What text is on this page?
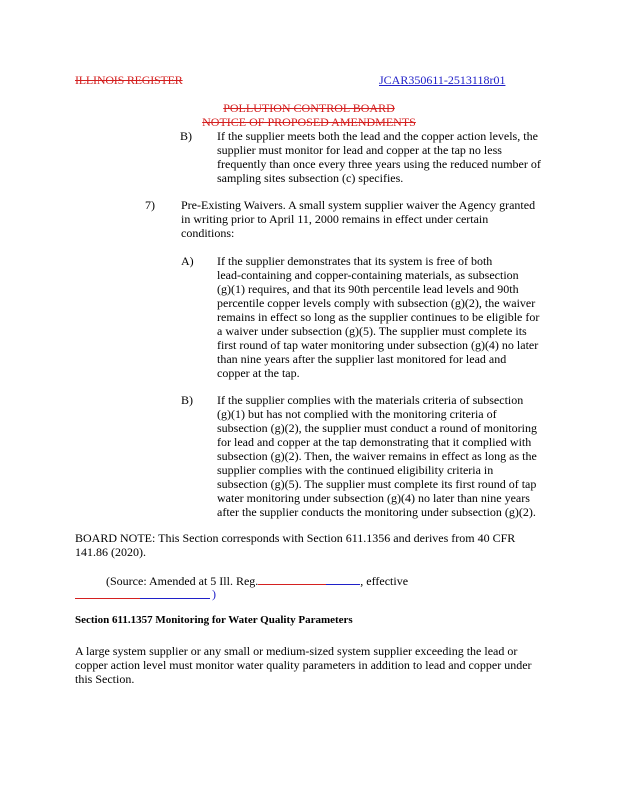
ILLINOIS REGISTER	JCAR350611-2513118r01
POLLUTION CONTROL BOARD
NOTICE OF PROPOSED AMENDMENTS
B) If the supplier meets both the lead and the copper action levels, the
supplier must monitor for lead and copper at the tap no less
frequently than once every three years using the reduced number of
sampling sites subsection (c) specifies.
7) Pre-Existing Waivers. A small system supplier waiver the Agency granted
in writing prior to April 11, 2000 remains in effect under certain
conditions:
A) If the supplier demonstrates that its system is free of both
lead-containing and copper-containing materials, as subsection
(g)(1) requires, and that its 90th percentile lead levels and 90th
percentile copper levels comply with subsection (g)(2), the waiver
remains in effect so long as the supplier continues to be eligible for
a waiver under subsection (g)(5). The supplier must complete its
first round of tap water monitoring under subsection (g)(4) no later
than nine years after the supplier last monitored for lead and
copper at the tap.
B) If the supplier complies with the materials criteria of subsection
(g)(1) but has not complied with the monitoring criteria of
subsection (g)(2), the supplier must conduct a round of monitoring
for lead and copper at the tap demonstrating that it complied with
subsection (g)(2). Then, the waiver remains in effect as long as the
supplier complies with the continued eligibility criteria in
subsection (g)(5). The supplier must complete its first round of tap
water monitoring under subsection (g)(4) no later than nine years
after the supplier conducts the monitoring under subsection (g)(2).
BOARD NOTE: This Section corresponds with Section 611.1356 and derives from 40 CFR
141.86 (2020).
(Source: Amended at 5 Ill. Reg.	, effective
)
Section 611.1357 Monitoring for Water Quality Parameters
A large system supplier or any small or medium-sized system supplier exceeding the lead or
copper action level must monitor water quality parameters in addition to lead and copper under
this Section.
